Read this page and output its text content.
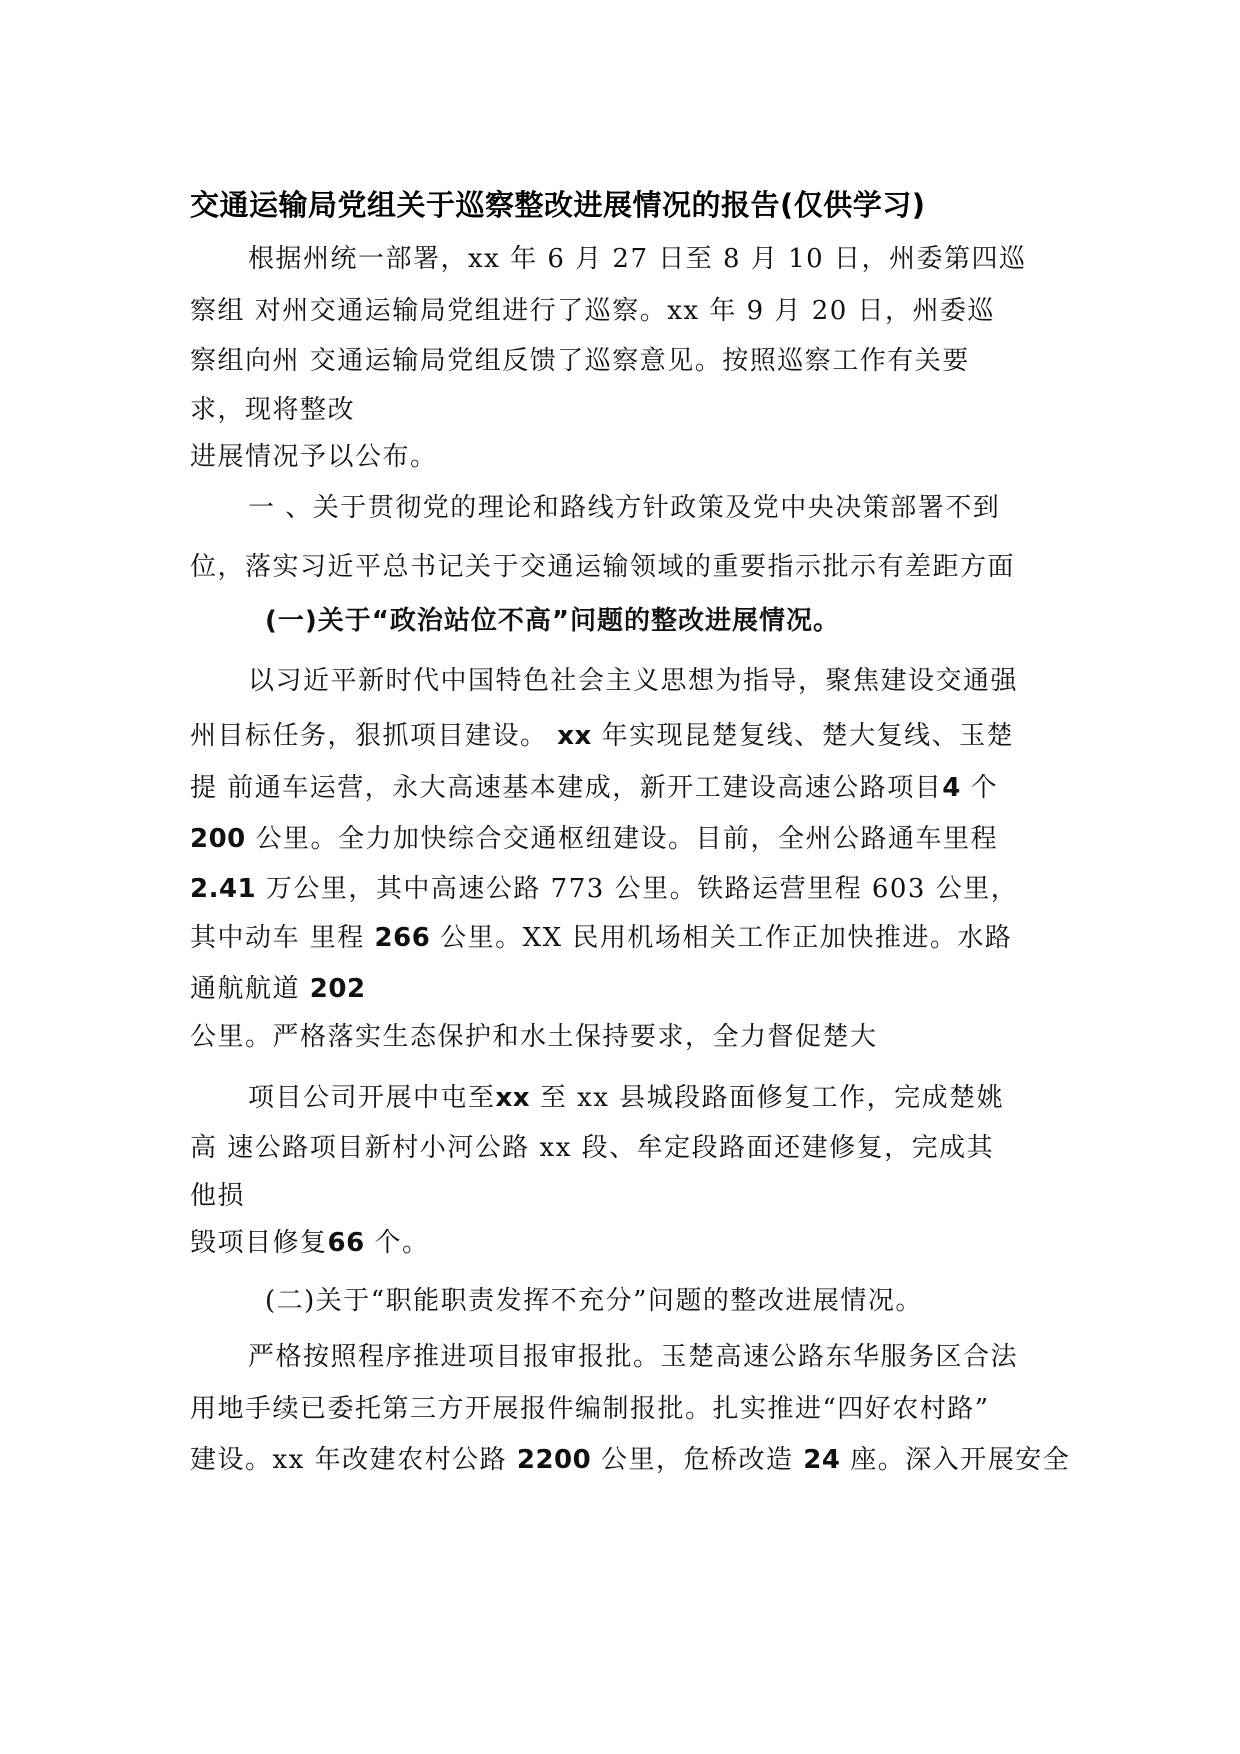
交通运输局党组关于巡察整改进展情况的报告(仅供学习)
根据州统一部署，xx 年 6 月 27 日至 8 月 10 日，州委第四巡
察组 对州交通运输局党组进行了巡察。xx 年 9 月 20 日，州委巡
察组向州 交通运输局党组反馈了巡察意见。按照巡察工作有关要
求，现将整改
进展情况予以公布。
一 、关于贯彻党的理论和路线方针政策及党中央决策部署不到
位，落实习近平总书记关于交通运输领域的重要指示批示有差距方面
(一)关于“政治站位不高”问题的整改进展情况。
以习近平新时代中国特色社会主义思想为指导，聚焦建设交通强
州目标任务，狠抓项目建设。 xx 年实现昆楚复线、楚大复线、玉楚
提 前通车运营，永大高速基本建成，新开工建设高速公路项目4 个
200 公里。全力加快综合交通枢纽建设。目前，全州公路通车里程
2.41 万公里，其中高速公路 773 公里。铁路运营里程 603 公里，
其中动车 里程 266 公里。XX 民用机场相关工作正加快推进。水路
通航航道 202
公里。严格落实生态保护和水土保持要求，全力督促楚大
项目公司开展中屯至xx 至 xx 县城段路面修复工作，完成楚姚
高 速公路项目新村小河公路 xx 段、牟定段路面还建修复，完成其
他损
毁项目修复66 个。
(二)关于“职能职责发挥不充分”问题的整改进展情况。
严格按照程序推进项目报审报批。玉楚高速公路东华服务区合法
用地手续已委托第三方开展报件编制报批。扎实推进“四好农村路”
建设。xx 年改建农村公路 2200 公里，危桥改造 24 座。深入开展安全
